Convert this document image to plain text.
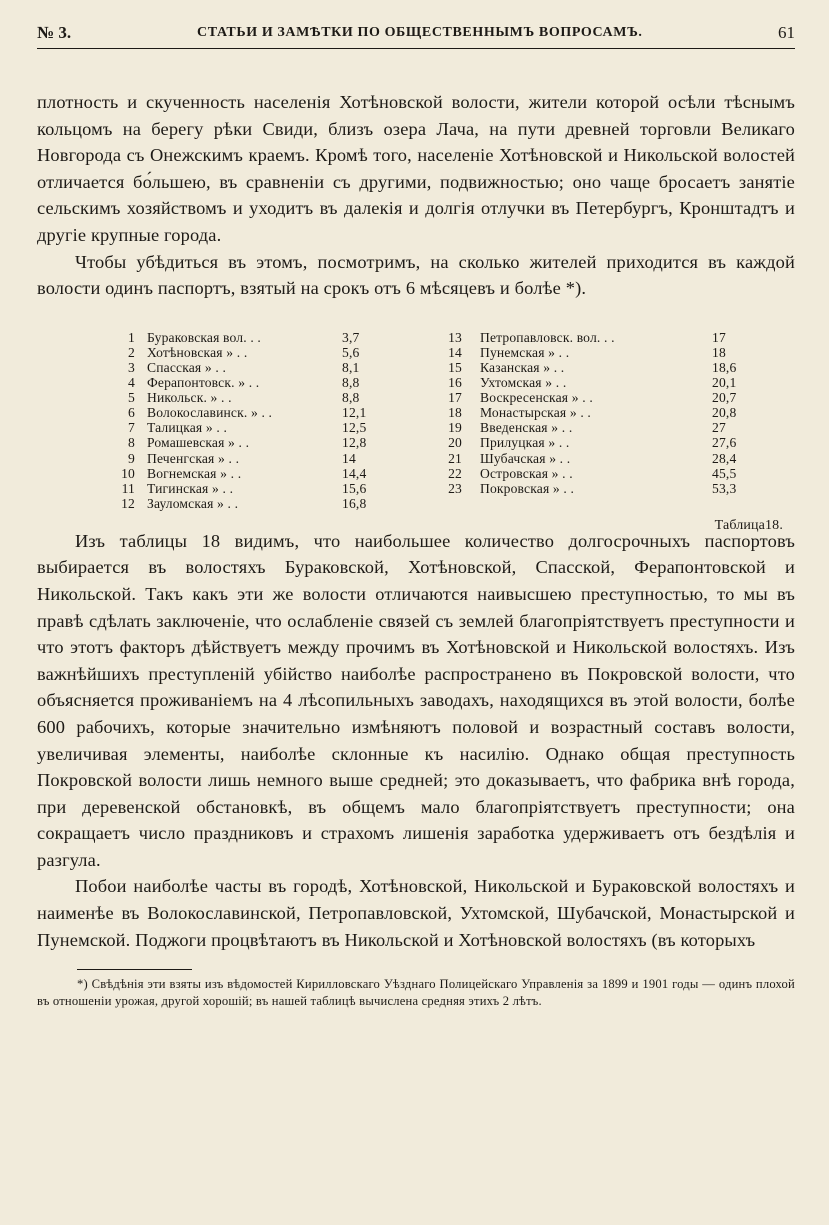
№ 3.	СТАТЬИ И ЗАМѢТКИ ПО ОБЩЕСТВЕННЫМЪ ВОПРОСАМЪ.	61

плотность и скученность населенія Хотѣновской волости, жители которой осѣли тѣснымъ кольцомъ на берегу рѣки Свиди, близъ озера Лача, на пути древней торговли Великаго Новгорода съ Онежскимъ краемъ. Кромѣ того, населеніе Хотѣновской и Никольской волостей отличается бо́льшею, въ сравненіи съ другими, подвижностью; оно чаще бросаетъ занятіе сельскимъ хозяйствомъ и уходитъ въ далекія и долгія отлучки въ Петербургъ, Кронштадтъ и другіе крупные города.

Чтобы убѣдиться въ этомъ, посмотримъ, на сколько жителей приходится въ каждой волости одинъ паспортъ, взятый на срокъ отъ 6 мѣсяцевъ и болѣе *).

1 Бураковская вол. . .	3,7
2 Хотѣновская » . .	5,6
3 Спасская » . .	8,1
4 Ферапонтовск. » . .	8,8
5 Никольск. » . .	8,8
6 Волокославинск. » . .	12,1
7 Талицкая » . .	12,5
8 Ромашевская » . .	12,8
9 Печенгская » . .	14
10 Вогнемская » . .	14,4
11 Тигинская » . .	15,6
12 Зауломская » . .	16,8
13 Петропавловск. вол. . .	17
14 Пунемская » . .	18
15 Казанская » . .	18,6
16 Ухтомская » . .	20,1
17 Воскресенская » . .	20,7
18 Монастырская » . .	20,8
19 Введенская » . .	27
20 Прилуцкая » . .	27,6
21 Шубачская » . .	28,4
22 Островская » . .	45,5
23 Покровская » . .	53,3
Таблица18.

Изъ таблицы 18 видимъ, что наибольшее количество долгосрочныхъ паспортовъ выбирается въ волостяхъ Бураковской, Хотѣновской, Спасской, Ферапонтовской и Никольской. Такъ какъ эти же волости отличаются наивысшею преступностью, то мы въ правѣ сдѣлать заключеніе, что ослабленіе связей съ землей благопріятствуетъ преступности и что этотъ факторъ дѣйствуетъ между прочимъ въ Хотѣновской и Никольской волостяхъ. Изъ важнѣйшихъ преступленій убійство наиболѣе распространено въ Покровской волости, что объясняется проживаніемъ на 4 лѣсопильныхъ заводахъ, находящихся въ этой волости, болѣе 600 рабочихъ, которые значительно измѣняютъ половой и возрастный составъ волости, увеличивая элементы, наиболѣе склонные къ насилію. Однако общая преступность Покровской волости лишь немного выше средней; это доказываетъ, что фабрика внѣ города, при деревенской обстановкѣ, въ общемъ мало благопріятствуетъ преступности; она сокращаетъ число праздниковъ и страхомъ лишенія заработка удерживаетъ отъ бездѣлія и разгула.

Побои наиболѣе часты въ городѣ, Хотѣновской, Никольской и Бураковской волостяхъ и наименѣе въ Волокославинской, Петропавловской, Ухтомской, Шубачской, Монастырской и Пунемской. Поджоги процвѣтаютъ въ Никольской и Хотѣновской волостяхъ (въ которыхъ

*) Свѣдѣнія эти взяты изъ вѣдомостей Кирилловскаго Уѣзднаго Полицейскаго Управленія за 1899 и 1901 годы — одинъ плохой въ отношеніи урожая, другой хорошій; въ нашей таблицѣ вычислена средняя этихъ 2 лѣтъ.
